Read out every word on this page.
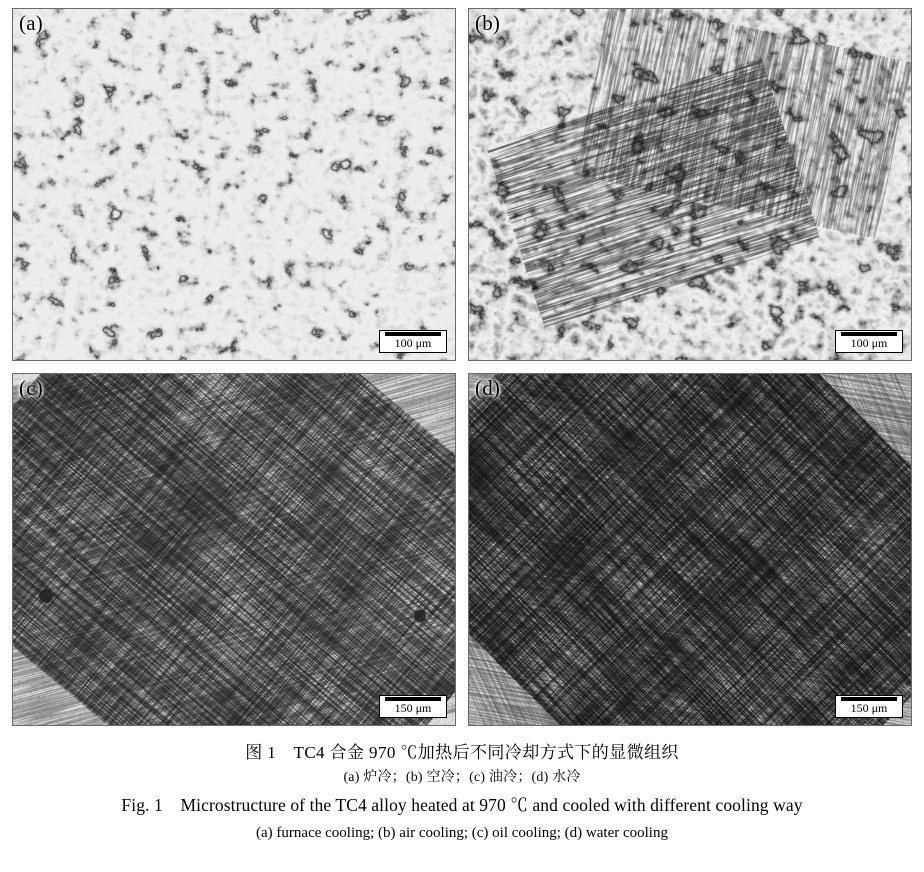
(a)
100 μm
(b)
100 μm
(c)
150 μm
(d)
150 μm
图 1　TC4 合金 970 ℃加热后不同冷却方式下的显微组织
(a) 炉冷；(b) 空冷；(c) 油冷；(d) 水冷
Fig. 1　Microstructure of the TC4 alloy heated at 970 ℃ and cooled with different cooling way
(a) furnace cooling; (b) air cooling; (c) oil cooling; (d) water cooling
